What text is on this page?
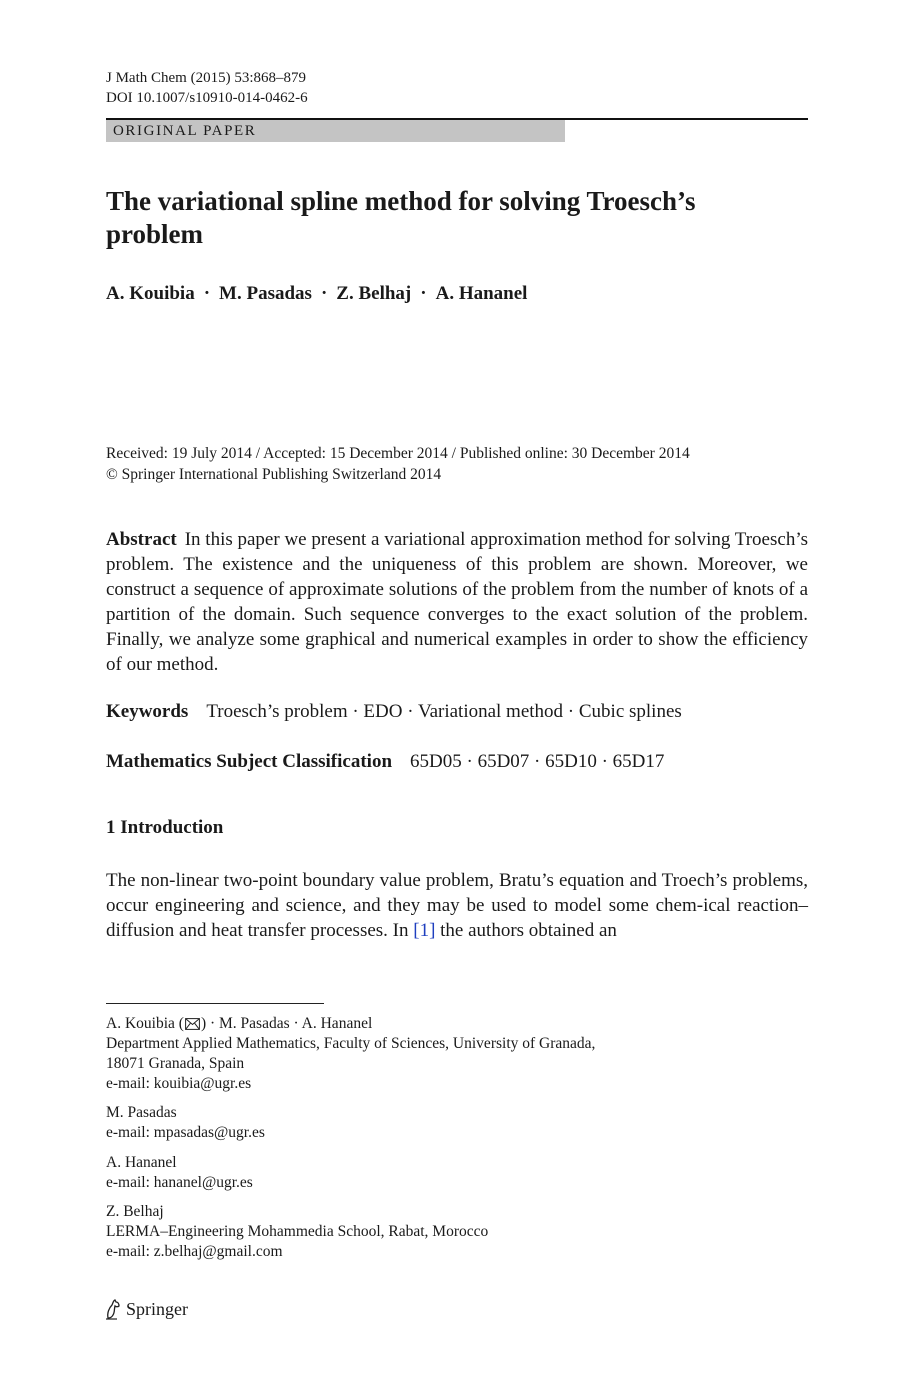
J Math Chem (2015) 53:868–879
DOI 10.1007/s10910-014-0462-6
ORIGINAL PAPER
The variational spline method for solving Troesch’s problem
A. Kouibia · M. Pasadas · Z. Belhaj · A. Hananel
Received: 19 July 2014 / Accepted: 15 December 2014 / Published online: 30 December 2014
© Springer International Publishing Switzerland 2014
Abstract In this paper we present a variational approximation method for solving Troesch’s problem. The existence and the uniqueness of this problem are shown. Moreover, we construct a sequence of approximate solutions of the problem from the number of knots of a partition of the domain. Such sequence converges to the exact solution of the problem. Finally, we analyze some graphical and numerical examples in order to show the efficiency of our method.
Keywords Troesch’s problem · EDO · Variational method · Cubic splines
Mathematics Subject Classification 65D05 · 65D07 · 65D10 · 65D17
1 Introduction
The non-linear two-point boundary value problem, Bratu’s equation and Troech’s problems, occur engineering and science, and they may be used to model some chem-ical reaction–diffusion and heat transfer processes. In [1] the authors obtained an
A. Kouibia ( ) · M. Pasadas · A. Hananel
Department Applied Mathematics, Faculty of Sciences, University of Granada,
18071 Granada, Spain
e-mail: kouibia@ugr.es
M. Pasadas
e-mail: mpasadas@ugr.es
A. Hananel
e-mail: hananel@ugr.es
Z. Belhaj
LERMA–Engineering Mohammedia School, Rabat, Morocco
e-mail: z.belhaj@gmail.com
Springer
